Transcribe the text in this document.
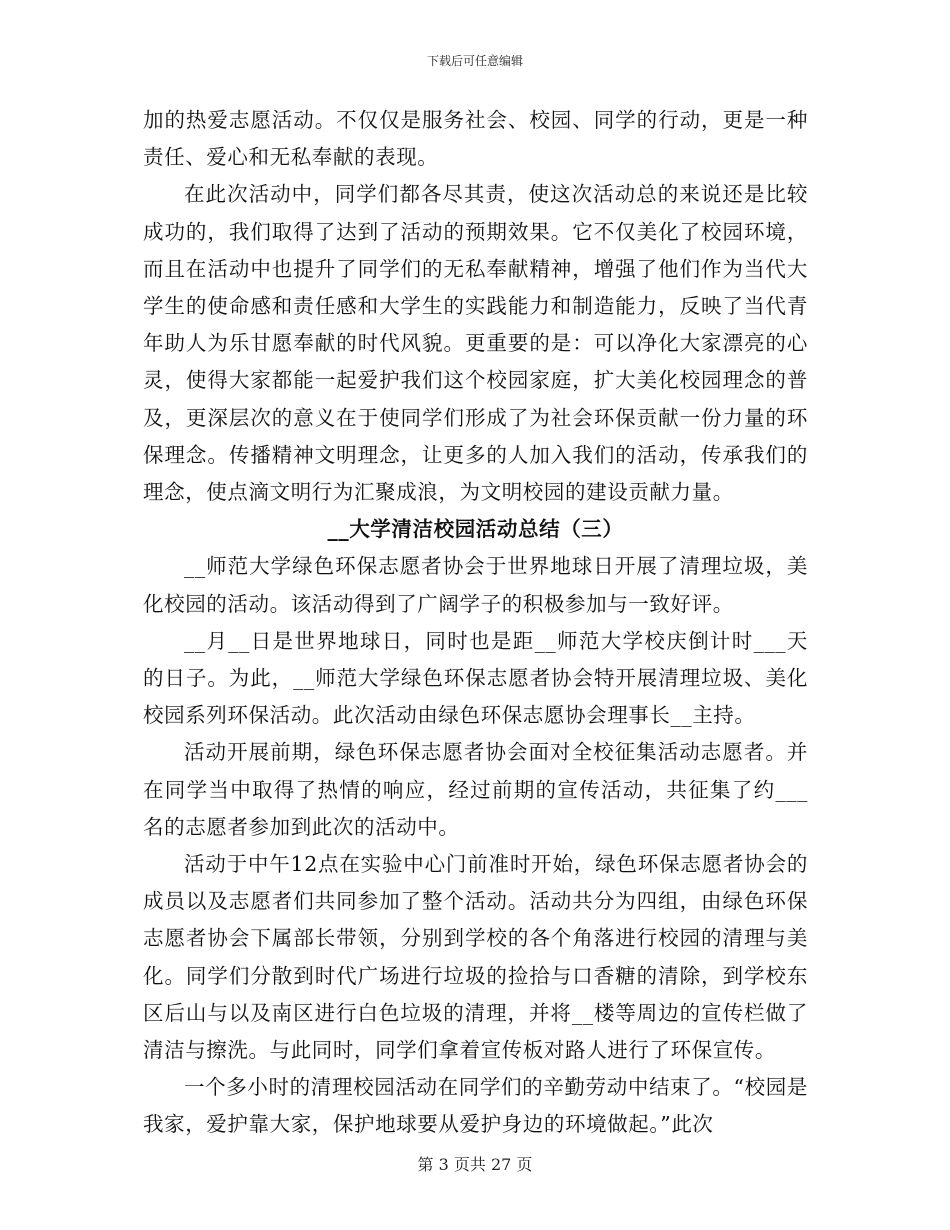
下载后可任意编辑

加的热爱志愿活动。不仅仅是服务社会、校园、同学的行动，更是一种责任、爱心和无私奉献的表现。

在此次活动中，同学们都各尽其责，使这次活动总的来说还是比较成功的，我们取得了达到了活动的预期效果。它不仅美化了校园环境，而且在活动中也提升了同学们的无私奉献精神，增强了他们作为当代大学生的使命感和责任感和大学生的实践能力和制造能力，反映了当代青年助人为乐甘愿奉献的时代风貌。更重要的是：可以净化大家漂亮的心灵，使得大家都能一起爱护我们这个校园家庭，扩大美化校园理念的普及，更深层次的意义在于使同学们形成了为社会环保贡献一份力量的环保理念。传播精神文明理念，让更多的人加入我们的活动，传承我们的理念，使点滴文明行为汇聚成浪，为文明校园的建设贡献力量。

__大学清洁校园活动总结（三）

__师范大学绿色环保志愿者协会于世界地球日开展了清理垃圾，美化校园的活动。该活动得到了广阔学子的积极参加与一致好评。

__月__日是世界地球日，同时也是距__师范大学校庆倒计时___天的日子。为此，__师范大学绿色环保志愿者协会特开展清理垃圾、美化校园系列环保活动。此次活动由绿色环保志愿协会理事长__主持。

活动开展前期，绿色环保志愿者协会面对全校征集活动志愿者。并在同学当中取得了热情的响应，经过前期的宣传活动，共征集了约___名的志愿者参加到此次的活动中。

活动于中午12点在实验中心门前准时开始，绿色环保志愿者协会的成员以及志愿者们共同参加了整个活动。活动共分为四组，由绿色环保志愿者协会下属部长带领，分别到学校的各个角落进行校园的清理与美化。同学们分散到时代广场进行垃圾的捡拾与口香糖的清除，到学校东区后山与以及南区进行白色垃圾的清理，并将__楼等周边的宣传栏做了清洁与擦洗。与此同时，同学们拿着宣传板对路人进行了环保宣传。

一个多小时的清理校园活动在同学们的辛勤劳动中结束了。“校园是我家，爱护靠大家，保护地球要从爱护身边的环境做起。”此次

第 3 页共 27 页
